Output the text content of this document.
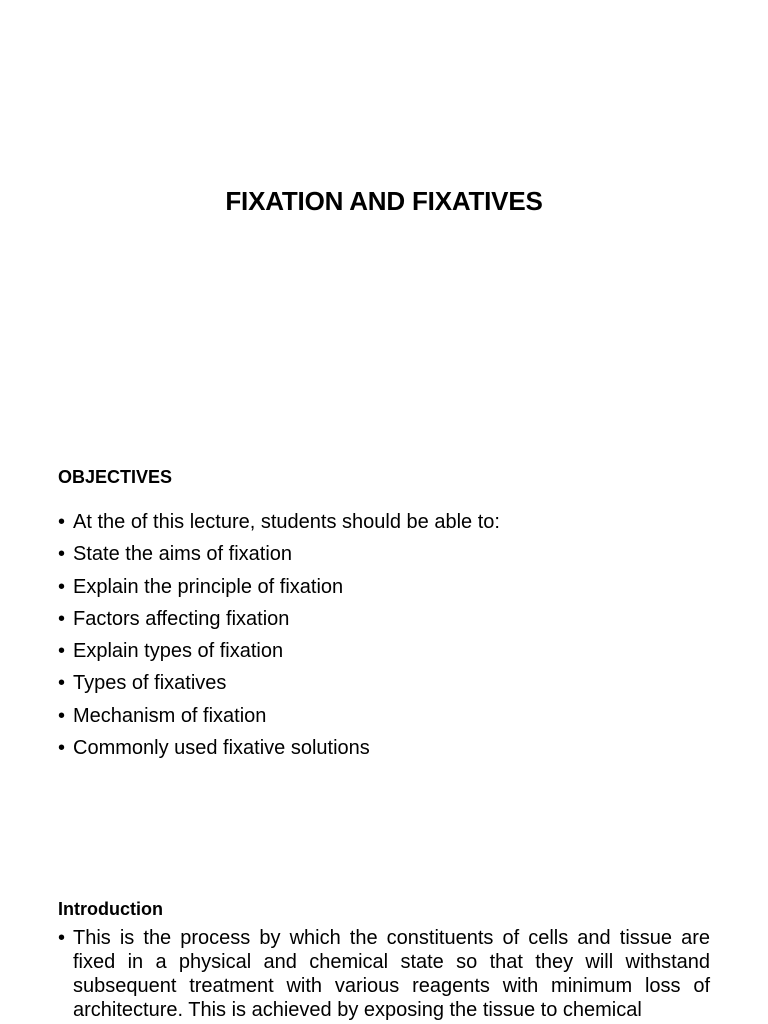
FIXATION AND FIXATIVES
OBJECTIVES
• At the of this lecture, students should be able to:
• State the aims of fixation
• Explain the principle of fixation
• Factors affecting fixation
• Explain types of fixation
• Types of fixatives
• Mechanism of fixation
• Commonly used fixative solutions
Introduction
• This is the process by which the constituents of cells and tissue are fixed in a physical and chemical state so that they will withstand subsequent treatment with various reagents with minimum loss of architecture. This is achieved by exposing the tissue to chemical
